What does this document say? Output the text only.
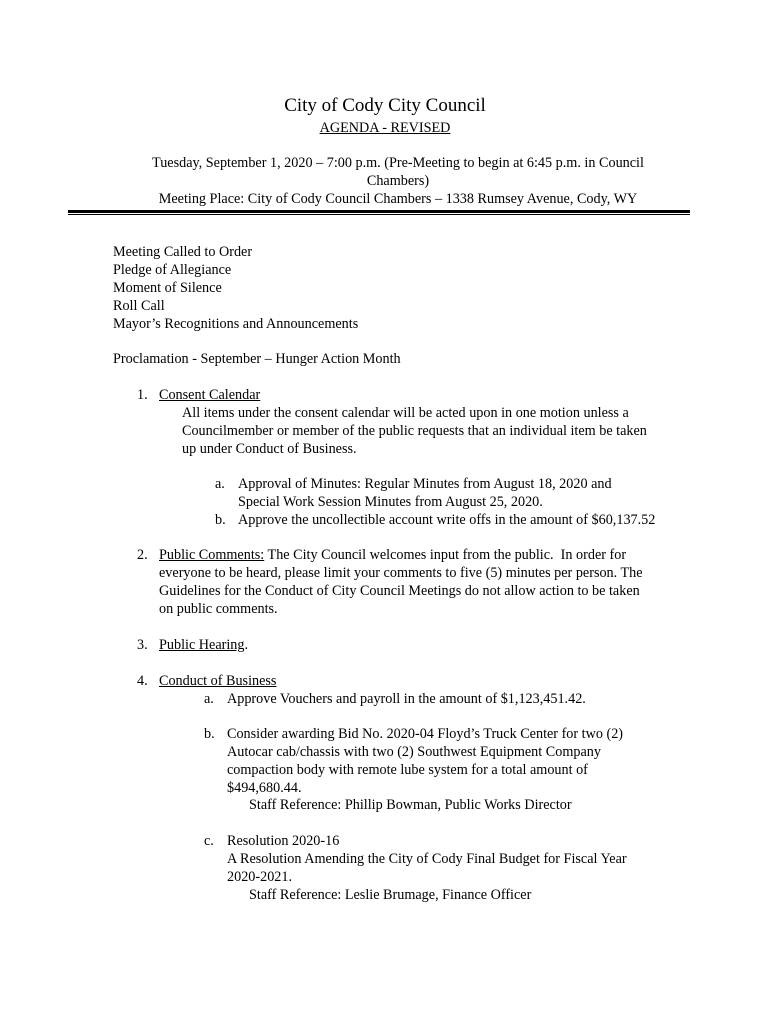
City of Cody City Council
AGENDA - REVISED
Tuesday, September 1, 2020 – 7:00 p.m. (Pre-Meeting to begin at 6:45 p.m. in Council
Chambers)
Meeting Place: City of Cody Council Chambers – 1338 Rumsey Avenue, Cody, WY
Meeting Called to Order
Pledge of Allegiance
Moment of Silence
Roll Call
Mayor’s Recognitions and Announcements
Proclamation - September – Hunger Action Month
1. Consent Calendar
All items under the consent calendar will be acted upon in one motion unless a
Councilmember or member of the public requests that an individual item be taken
up under Conduct of Business.
a. Approval of Minutes: Regular Minutes from August 18, 2020 and
Special Work Session Minutes from August 25, 2020.
b. Approve the uncollectible account write offs in the amount of $60,137.52
2. Public Comments: The City Council welcomes input from the public.  In order for
everyone to be heard, please limit your comments to five (5) minutes per person. The
Guidelines for the Conduct of City Council Meetings do not allow action to be taken
on public comments.
3. Public Hearing.
4. Conduct of Business
a. Approve Vouchers and payroll in the amount of $1,123,451.42.
b. Consider awarding Bid No. 2020-04 Floyd’s Truck Center for two (2)
Autocar cab/chassis with two (2) Southwest Equipment Company
compaction body with remote lube system for a total amount of
$494,680.44.
Staff Reference: Phillip Bowman, Public Works Director
c. Resolution 2020-16
A Resolution Amending the City of Cody Final Budget for Fiscal Year
2020-2021.
Staff Reference: Leslie Brumage, Finance Officer
